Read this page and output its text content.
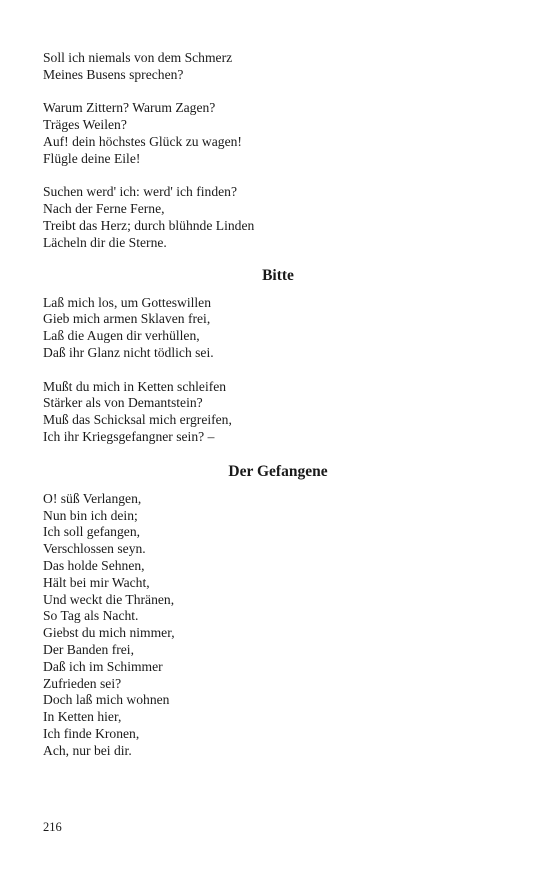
Soll ich niemals von dem Schmerz
Meines Busens sprechen?
Warum Zittern? Warum Zagen?
Träges Weilen?
Auf! dein höchstes Glück zu wagen!
Flügle deine Eile!
Suchen werd' ich: werd' ich finden?
Nach der Ferne Ferne,
Treibt das Herz; durch blühnde Linden
Lächeln dir die Sterne.
Bitte
Laß mich los, um Gotteswillen
Gieb mich armen Sklaven frei,
Laß die Augen dir verhüllen,
Daß ihr Glanz nicht tödlich sei.
Mußt du mich in Ketten schleifen
Stärker als von Demantstein?
Muß das Schicksal mich ergreifen,
Ich ihr Kriegsgefangner sein? –
Der Gefangene
O! süß Verlangen,
Nun bin ich dein;
Ich soll gefangen,
Verschlossen seyn.
Das holde Sehnen,
Hält bei mir Wacht,
Und weckt die Thränen,
So Tag als Nacht.
Giebst du mich nimmer,
Der Banden frei,
Daß ich im Schimmer
Zufrieden sei?
Doch laß mich wohnen
In Ketten hier,
Ich finde Kronen,
Ach, nur bei dir.
216
